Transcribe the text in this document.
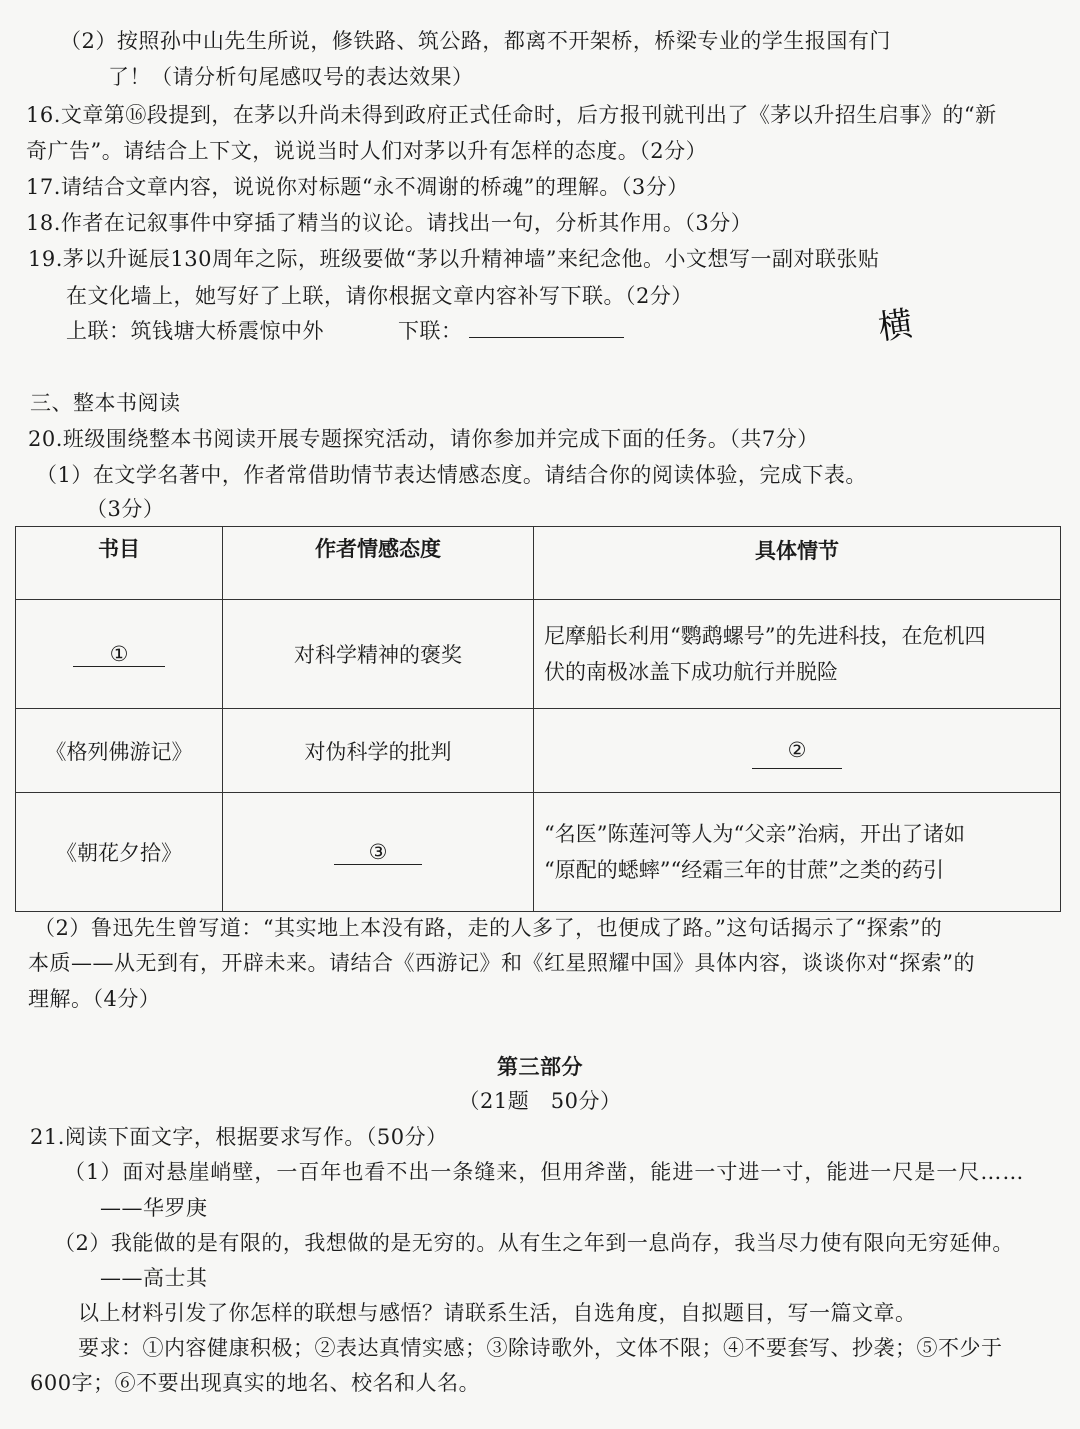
（2）按照孙中山先生所说，修铁路、筑公路，都离不开架桥，桥梁专业的学生报国有门
了！（请分析句尾感叹号的表达效果）
16.文章第⑯段提到，在茅以升尚未得到政府正式任命时，后方报刊就刊出了《茅以升招生启事》的“新
奇广告”。请结合上下文，说说当时人们对茅以升有怎样的态度。（2分）
17.请结合文章内容，说说你对标题“永不凋谢的桥魂”的理解。（3分）
18.作者在记叙事件中穿插了精当的议论。请找出一句，分析其作用。（3分）
19.茅以升诞辰130周年之际，班级要做“茅以升精神墙”来纪念他。小文想写一副对联张贴
在文化墙上，她写好了上联，请你根据文章内容补写下联。（2分）
上联：筑钱塘大桥震惊中外	下联：	横
三、整本书阅读
20.班级围绕整本书阅读开展专题探究活动，请你参加并完成下面的任务。（共7分）
（1）在文学名著中，作者常借助情节表达情感态度。请结合你的阅读体验，完成下表。
（3分）
书目	作者情感态度	具体情节
①	对科学精神的褒奖	尼摩船长利用“鹦鹉螺号”的先进科技，在危机四
伏的南极冰盖下成功航行并脱险

《格列佛游记》	对伪科学的批判	②
《朝花夕拾》	③	“名医”陈莲河等人为“父亲”治病，开出了诸如
“原配的蟋蟀”“经霜三年的甘蔗”之类的药引
（2）鲁迅先生曾写道：“其实地上本没有路，走的人多了，也便成了路。”这句话揭示了“探索”的
本质——从无到有，开辟未来。请结合《西游记》和《红星照耀中国》具体内容，谈谈你对“探索”的
理解。（4分）
第三部分
（21题　50分）
21.阅读下面文字，根据要求写作。（50分）
（1）面对悬崖峭壁，一百年也看不出一条缝来，但用斧凿，能进一寸进一寸，能进一尺是一尺……
——华罗庚
（2）我能做的是有限的，我想做的是无穷的。从有生之年到一息尚存，我当尽力使有限向无穷延伸。
——高士其
以上材料引发了你怎样的联想与感悟？请联系生活，自选角度，自拟题目，写一篇文章。
要求：①内容健康积极；②表达真情实感；③除诗歌外，文体不限；④不要套写、抄袭；⑤不少于
600字；⑥不要出现真实的地名、校名和人名。
